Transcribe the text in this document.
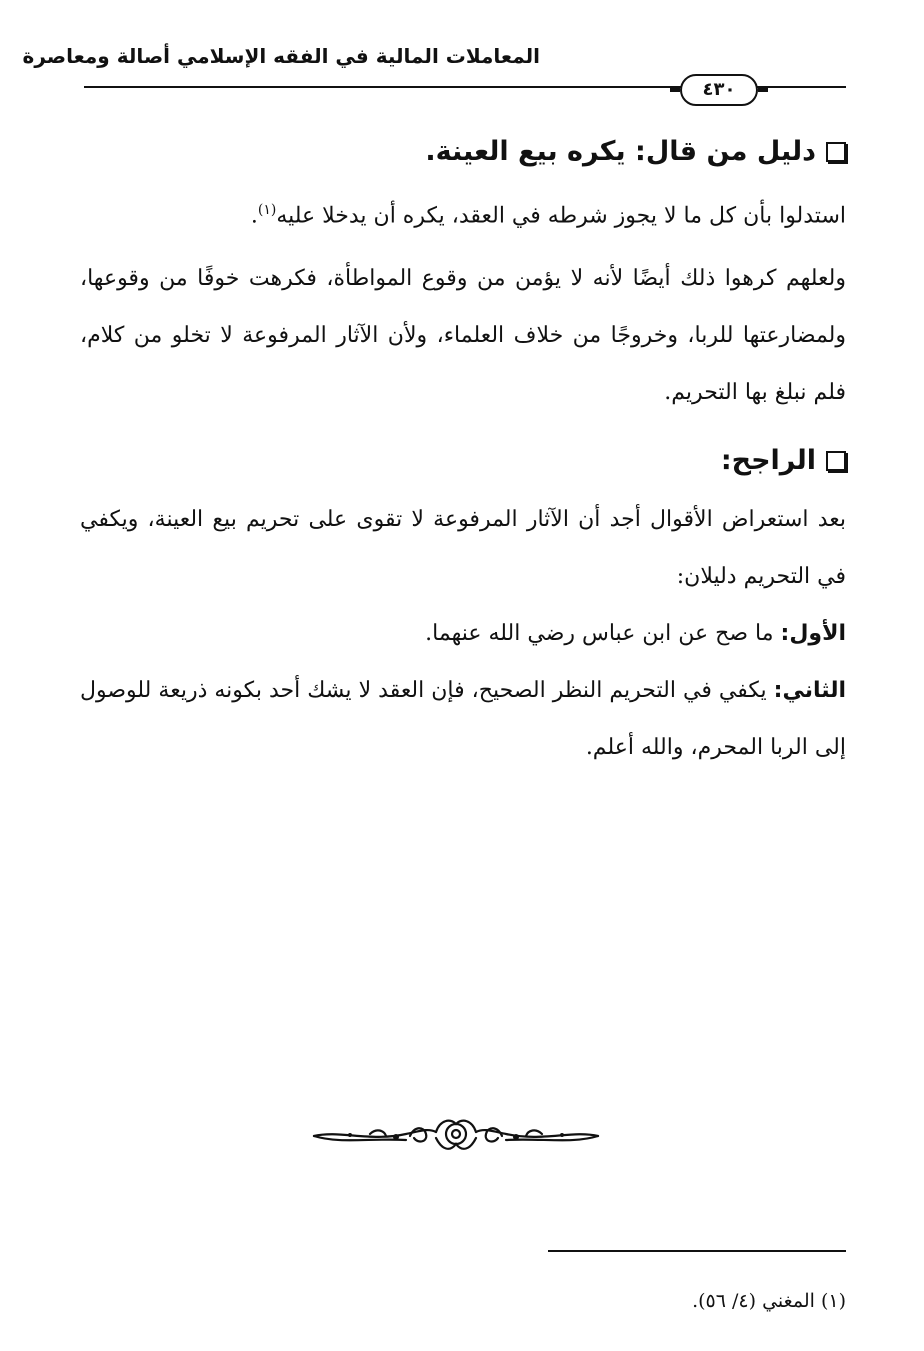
المعاملات المالية في الفقه الإسلامي أصالة ومعاصرة
٤٣٠
دليل من قال: يكره بيع العينة.

استدلوا بأن كل ما لا يجوز شرطه في العقد، يكره أن يدخلا عليه$^{(١)}$.

ولعلهم كرهوا ذلك أيضًا لأنه لا يؤمن من وقوع المواطأة، فكرهت خوفًا من وقوعها، ولمضارعتها للربا، وخروجًا من خلاف العلماء، ولأن الآثار المرفوعة لا تخلو من كلام، فلم نبلغ بها التحريم.

الراجح:

بعد استعراض الأقوال أجد أن الآثار المرفوعة لا تقوى على تحريم بيع العينة، ويكفي في التحريم دليلان:

الأول: ما صح عن ابن عباس رضي الله عنهما.

الثاني: يكفي في التحريم النظر الصحيح، فإن العقد لا يشك أحد بكونه ذريعة للوصول إلى الربا المحرم، والله أعلم.

(١) المغني (٤/ ٥٦).
